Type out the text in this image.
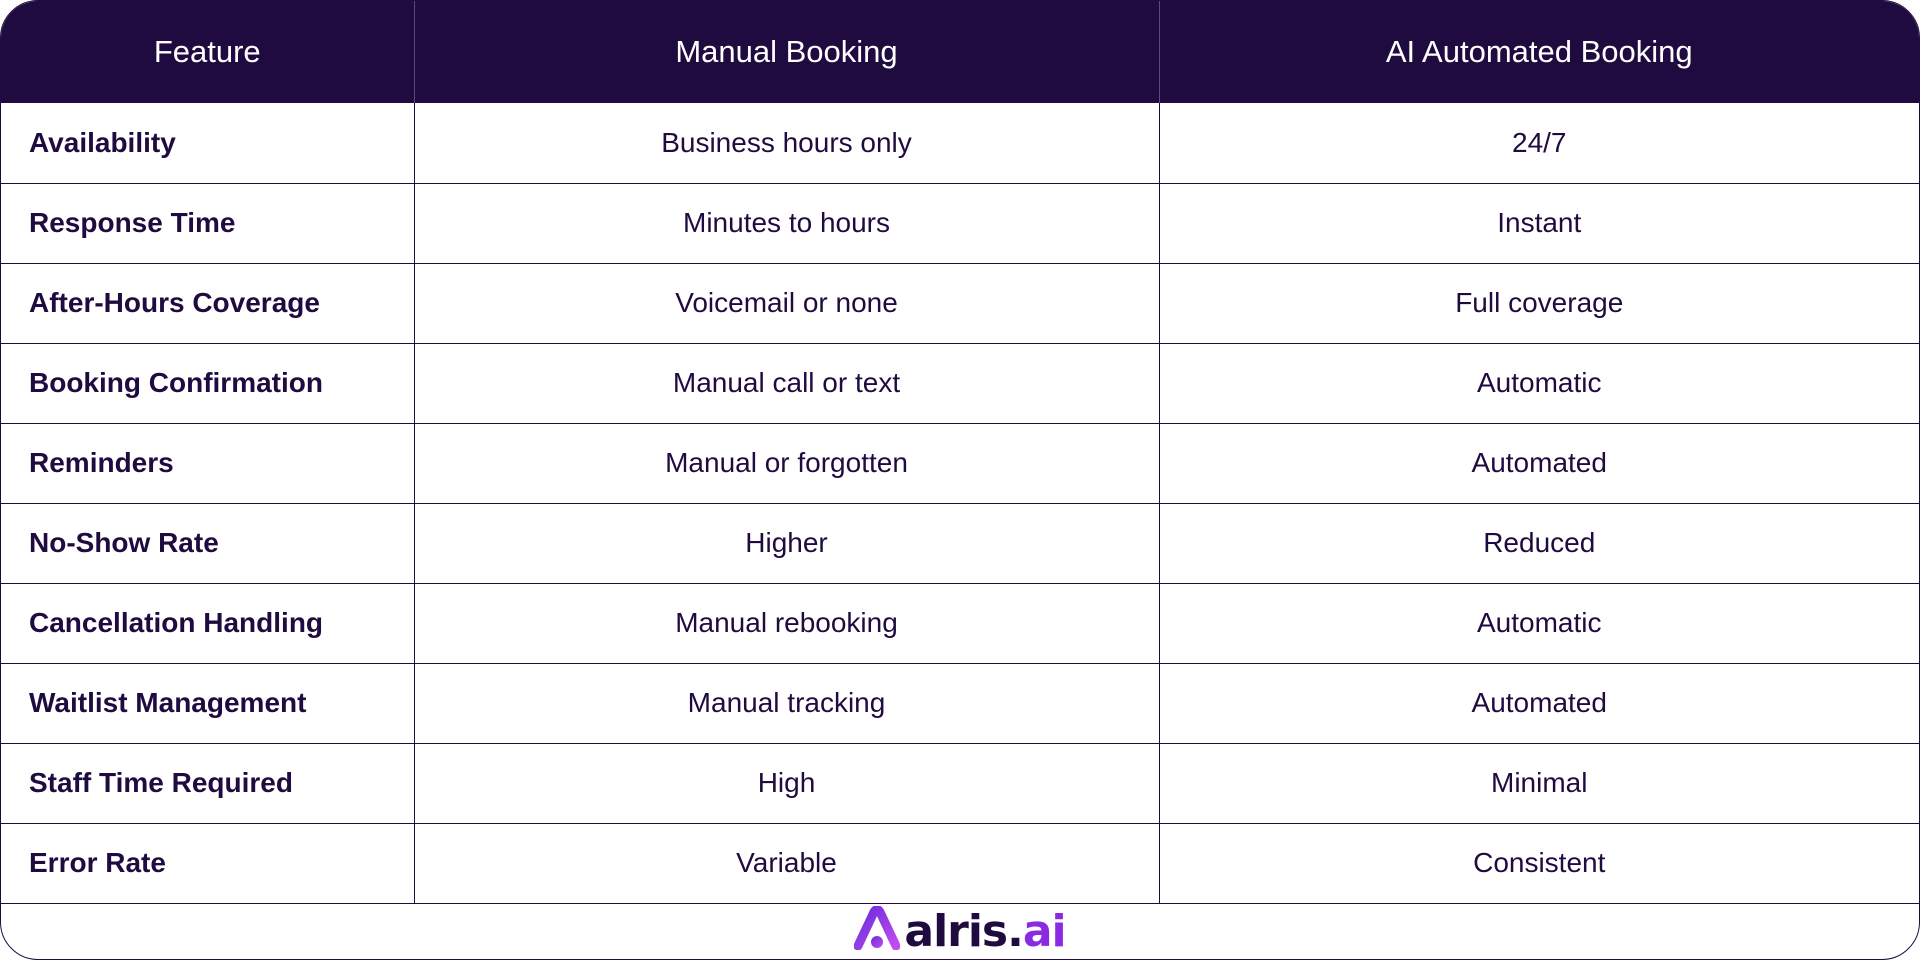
Feature	Manual Booking	AI Automated Booking
Availability	Business hours only	24/7
Response Time	Minutes to hours	Instant
After-Hours Coverage	Voicemail or none	Full coverage
Booking Confirmation	Manual call or text	Automatic
Reminders	Manual or forgotten	Automated
No-Show Rate	Higher	Reduced
Cancellation Handling	Manual rebooking	Automatic
Waitlist Management	Manual tracking	Automated
Staff Time Required	High	Minimal
Error Rate	Variable	Consistent
alris. ai
